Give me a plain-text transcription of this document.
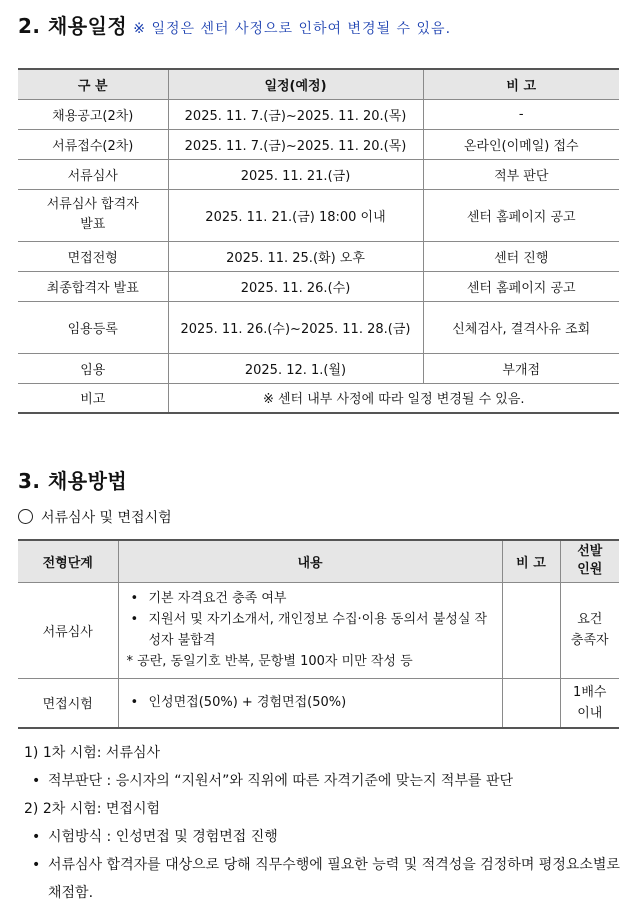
2. 채용일정 ※ 일정은 센터 사정으로 인하여 변경될 수 있음.
구 분	일정(예정)	비 고
채용공고(2차)	2025. 11. 7.(금)~2025. 11. 20.(목)	-
서류접수(2차)	2025. 11. 7.(금)~2025. 11. 20.(목)	온라인(이메일) 접수
서류심사	2025. 11. 21.(금)	적부 판단
서류심사 합격자 발표	2025. 11. 21.(금) 18:00 이내	센터 홈페이지 공고
면접전형	2025. 11. 25.(화) 오후	센터 진행
최종합격자 발표	2025. 11. 26.(수)	센터 홈페이지 공고
임용등록	2025. 11. 26.(수)~2025. 11. 28.(금)	신체검사, 결격사유 조회
임용	2025. 12. 1.(월)	부개점
비고	※ 센터 내부 사정에 따라 일정 변경될 수 있음.	
3. 채용방법
서류심사 및 면접시험
전형단계	내용	비 고	선발인원
서류심사	• 기본 자격요건 충족 여부
• 지원서 및 자기소개서, 개인정보 수집·이용 동의서 불성실 작성자 불합격
* 공란, 동일기호 반복, 문항별 100자 미만 작성 등		요건 충족자
면접시험	• 인성면접(50%) + 경험면접(50%)		1배수 이내
1) 1차 시험: 서류심사
• 적부판단 : 응시자의 “지원서”와 직위에 따른 자격기준에 맞는지 적부를 판단
2) 2차 시험: 면접시험
• 시험방식 : 인성면접 및 경험면접 진행
• 서류심사 합격자를 대상으로 당해 직무수행에 필요한 능력 및 적격성을 검정하며 평정요소별로 채점함.
